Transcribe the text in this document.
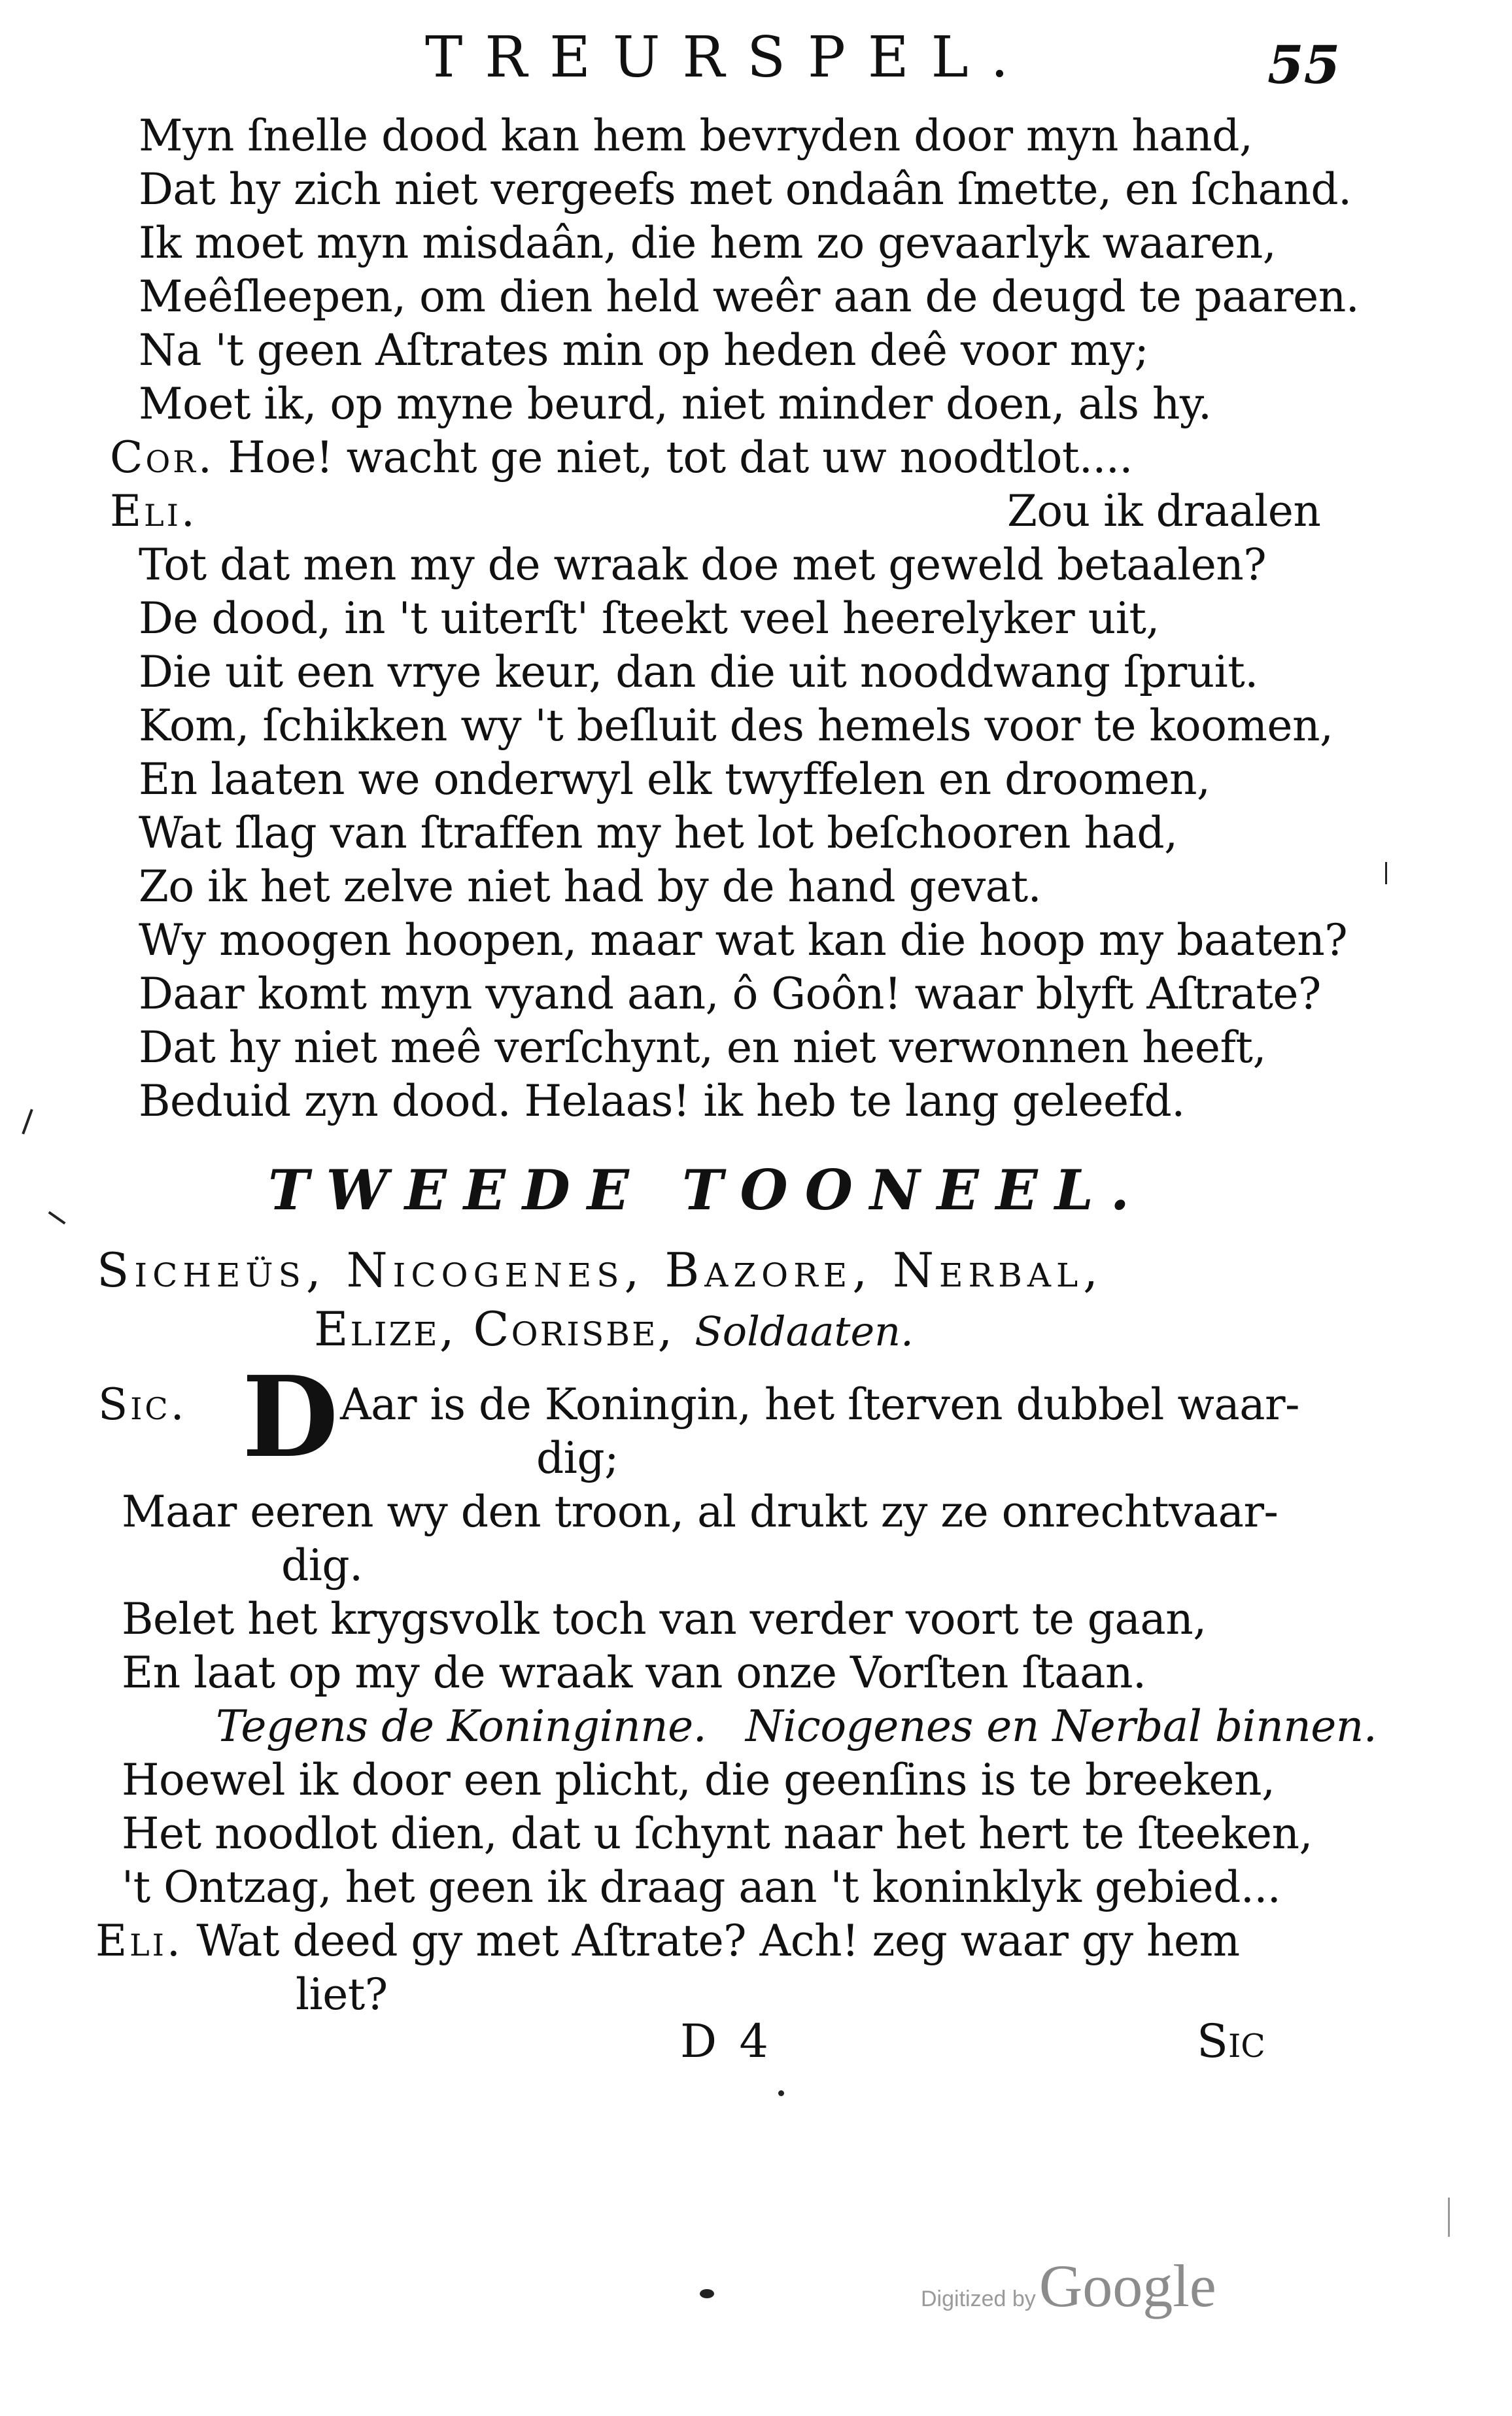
TREURSPEL.	55
Myn ſnelle dood kan hem bevryden door myn hand,
Dat hy zich niet vergeefs met ondaân ſmette, en ſchand.
Ik moet myn misdaân, die hem zo gevaarlyk waaren,
Meêſleepen, om dien held weêr aan de deugd te paaren.
Na 't geen Aſtrates min op heden deê voor my;
Moet ik, op myne beurd, niet minder doen, als hy.
Cor. Hoe! wacht ge niet, tot dat uw noodtlot....
Eli.	Zou ik draalen
Tot dat men my de wraak doe met geweld betaalen?
De dood, in 't uiterſt' ſteekt veel heerelyker uit,
Die uit een vrye keur, dan die uit nooddwang ſpruit.
Kom, ſchikken wy 't beſluit des hemels voor te koomen,
En laaten we onderwyl elk twyffelen en droomen,
Wat ſlag van ſtraffen my het lot beſchooren had,
Zo ik het zelve niet had by de hand gevat.
Wy moogen hoopen, maar wat kan die hoop my baaten?
Daar komt myn vyand aan, ô Goôn! waar blyft Aſtrate?
Dat hy niet meê verſchynt, en niet verwonnen heeft,
Beduid zyn dood. Helaas! ik heb te lang geleefd.
TWEEDE TOONEEL.
Sichеüs, Nicogenes, Bazore, Nerbal,
Elize, Corisbe, Soldaaten.
Sic. D Aar is de Koningin, het ſterven dubbel waar-
dig;
Maar eeren wy den troon, al drukt zy ze onrechtvaar-
dig.
Belet het krygsvolk toch van verder voort te gaan,
En laat op my de wraak van onze Vorſten ſtaan.
Tegens de Koninginne. Nicogenes en Nerbal binnen.
Hoewel ik door een plicht, die geenſins is te breeken,
Het noodlot dien, dat u ſchynt naar het hert te ſteeken,
't Ontzag, het geen ik draag aan 't koninklyk gebied...
Eli. Wat deed gy met Aſtrate? Ach! zeg waar gy hem
liet?
D 4	Sic
Digitized by Google
